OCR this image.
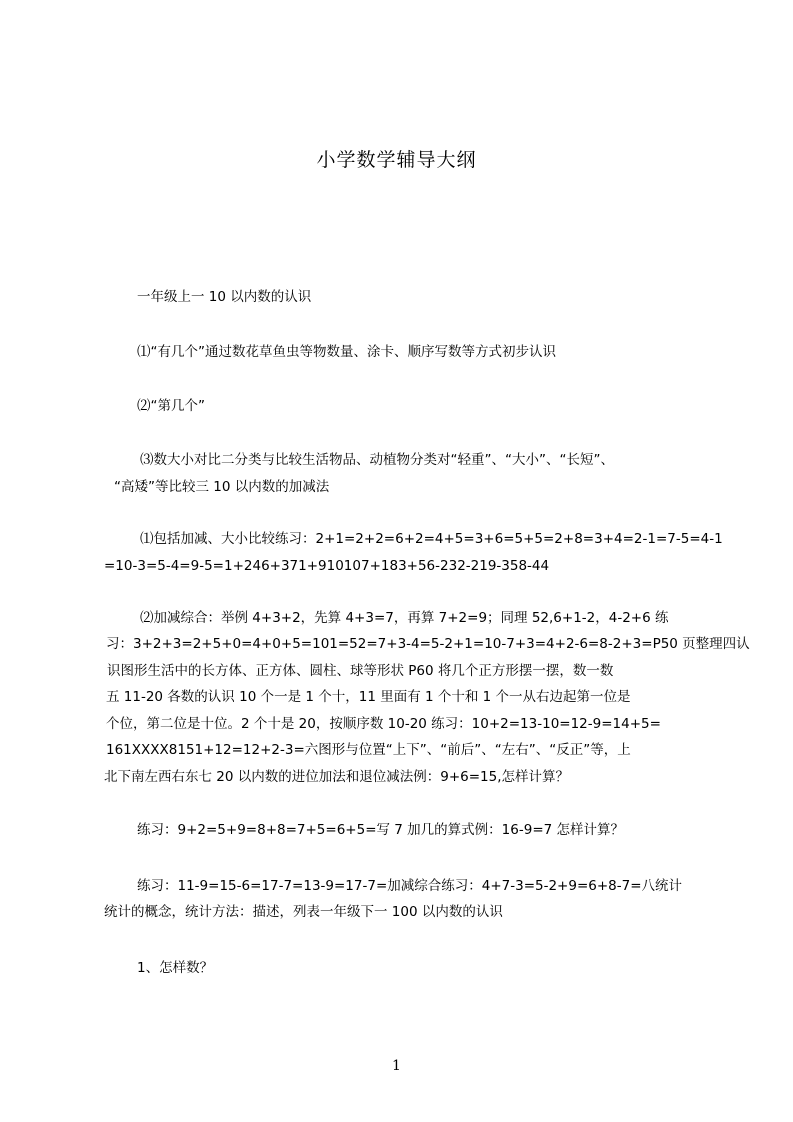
小学数学辅导大纲
一年级上一 10 以内数的认识
⑴“有几个”通过数花草鱼虫等物数量、涂卡、顺序写数等方式初步认识
⑵“第几个”
⑶数大小对比二分类与比较生活物品、动植物分类对“轻重”、“大小”、“长短”、
“高矮”等比较三 10 以内数的加减法
⑴包括加减、大小比较练习：2+1=2+2=6+2=4+5=3+6=5+5=2+8=3+4=2-1=7-5=4-1
=10-3=5-4=9-5=1+246+371+910107+183+56-232-219-358-44
⑵加减综合：举例 4+3+2，先算 4+3=7，再算 7+2=9；同理 52,6+1-2，4-2+6 练
习：3+2+3=2+5+0=4+0+5=101=52=7+3-4=5-2+1=10-7+3=4+2-6=8-2+3=P50 页整理四认
识图形生活中的长方体、正方体、圆柱、球等形状 P60 将几个正方形摆一摆，数一数
五 11-20 各数的认识 10 个一是 1 个十，11 里面有 1 个十和 1 个一从右边起第一位是
个位，第二位是十位。2 个十是 20，按顺序数 10-20 练习：10+2=13-10=12-9=14+5=
161XXXX8151+12=12+2-3=六图形与位置“上下”、“前后”、“左右”、“反正”等，上
北下南左西右东七 20 以内数的进位加法和退位减法例：9+6=15,怎样计算？
练习：9+2=5+9=8+8=7+5=6+5=写 7 加几的算式例：16-9=7 怎样计算？
练习：11-9=15-6=17-7=13-9=17-7=加减综合练习：4+7-3=5-2+9=6+8-7=八统计
统计的概念，统计方法：描述，列表一年级下一 100 以内数的认识
1、怎样数？
1
